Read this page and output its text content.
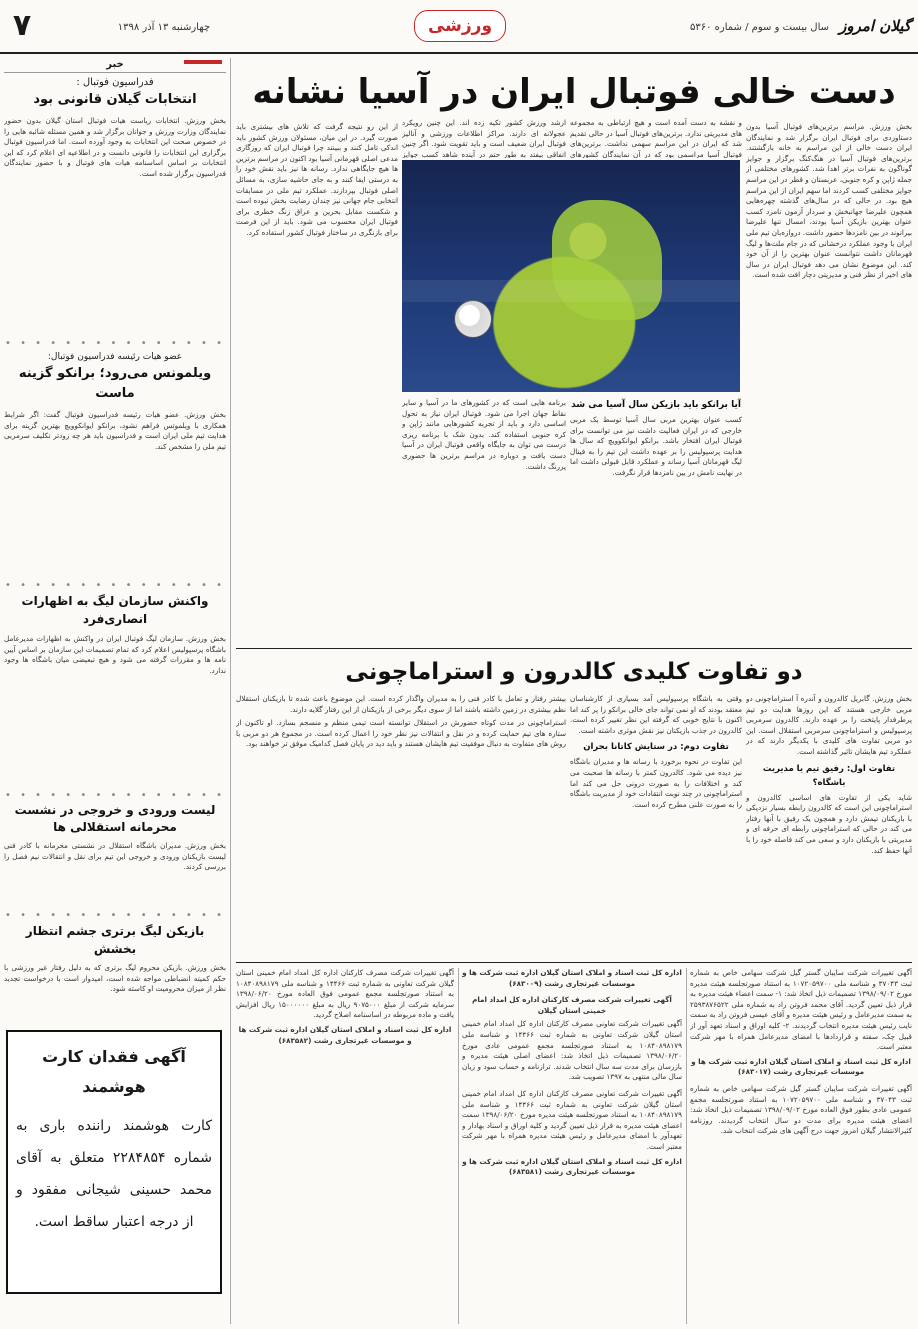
۷	چهارشنبه ۱۳ آذر ۱۳۹۸	ورزشی	سال بیست و سوم / شماره ۵۳۶۰ گیلان امروز
خبر
فدراسیون فوتبال :
انتخابات گیلان قانونی بود
بخش ورزش. انتخابات ریاست هیات فوتبال استان گیلان بدون حضور نمایندگان وزارت ورزش و جوانان برگزار شد و همین مسئله شائبه هایی را در خصوص صحت این انتخابات به وجود آورده است. اما فدراسیون فوتبال برگزاری این انتخابات را قانونی دانست و در اطلاعیه ای اعلام کرد که این انتخابات بر اساس اساسنامه هیات های فوتبال و با حضور نمایندگان فدراسیون برگزار شده است.
• • • • • • • • • • • • • • •
عضو هیات رئیسه فدراسیون فوتبال:
ویلمونس می‌رود؛ برانکو گزینه ماست
بخش ورزش. عضو هیات رئیسه فدراسیون فوتبال گفت: اگر شرایط همکاری با ویلموتس فراهم نشود، برانکو ایوانکوویچ بهترین گزینه برای هدایت تیم ملی ایران است و فدراسیون باید هر چه زودتر تکلیف سرمربی تیم ملی را مشخص کند.
• • • • • • • • • • • • • • •
واکنش سازمان لیگ به اظهارات انصاری‌فرد
بخش ورزش. سازمان لیگ فوتبال ایران در واکنش به اظهارات مدیرعامل باشگاه پرسپولیس اعلام کرد که تمام تصمیمات این سازمان بر اساس آیین نامه ها و مقررات گرفته می شود و هیچ تبعیضی میان باشگاه ها وجود ندارد.
• • • • • • • • • • • • • • •
لیست ورودی و خروجی در نشست محرمانه استقلالی ها
بخش ورزش. مدیران باشگاه استقلال در نشستی محرمانه با کادر فنی لیست بازیکنان ورودی و خروجی این تیم برای نقل و انتقالات نیم فصل را بررسی کردند.
• • • • • • • • • • • • • • •
بازیکن لیگ برتری جشم انتظار بخشش
بخش ورزش. بازیکن محروم لیگ برتری که به دلیل رفتار غیر ورزشی با حکم کمیته انضباطی مواجه شده است، امیدوار است با درخواست تجدید نظر از میزان محرومیت او کاسته شود.
آگهی فقدان کارت هوشمند
کارت هوشمند راننده باری به
شماره ۲۲۸۴۸۵۴ متعلق به آقای
محمد حسینی شیجانی مفقود و
از درجه اعتبار ساقط است.
دست خالی فوتبال ایران در آسیا نشانه
بخش ورزش. مراسم برترین‌های فوتبال آسیا بدون دستاوردی برای فوتبال ایران برگزار شد و نمایندگان ایران دست خالی از این مراسم به خانه بازگشتند. برترین‌های فوتبال آسیا در هنگ‌کنگ برگزار و جوایز گوناگون به نفرات برتر اهدا شد. کشورهای مختلفی از جمله ژاپن و کره جنوبی، عربستان و قطر در این مراسم جوایز مختلفی کسب کردند اما سهم ایران از این مراسم هیچ بود. در حالی که در سال‌های گذشته چهره‌هایی همچون علیرضا جهانبخش و سردار آزمون نامزد کسب عنوان بهترین بازیکن آسیا بودند، امسال تنها علیرضا بیرانوند در بین نامزدها حضور داشت. دروازه‌بان تیم ملی ایران با وجود عملکرد درخشانی که در جام ملت‌ها و لیگ قهرمانان داشت نتوانست عنوان بهترین را از آن خود کند. این موضوع نشان می دهد فوتبال ایران در سال های اخیر از نظر فنی و مدیریتی دچار افت شده است.
و نقشه به دست آمده است و هیچ ارتباطی به مجموعه های مدیریتی ندارد. برترین‌های فوتبال آسیا در حالی تقدیم شد که ایران در این مراسم سهمی نداشت. برترین‌های فوتبال آسیا مراسمی بود که در آن نمایندگان کشورهای
ارشد ورزش کشور تکیه زده اند. این چنین رویکرد عجولانه ای دارند. مراکز اطلاعات ورزشی و آنالیز فوتبال ایران ضعیف است و باید تقویت شود. اگر چنین اتفاقی بیفتد به طور حتم در آینده شاهد کسب جوایز
آیا برانکو باید بازیکن سال آسیا می شد
کسب عنوان بهترین مربی سال آسیا توسط یک مربی خارجی که در ایران فعالیت داشت نیز می توانست برای فوتبال ایران افتخار باشد. برانکو ایوانکوویچ که سال ها هدایت پرسپولیس را بر عهده داشت این تیم را به فینال لیگ قهرمانان آسیا رساند و عملکرد قابل قبولی داشت اما در نهایت نامش در بین نامزدها قرار نگرفت.
برنامه هایی است که در کشورهای ما در آسیا و سایر نقاط جهان اجرا می شود. فوتبال ایران نیاز به تحول اساسی دارد و باید از تجربه کشورهایی مانند ژاپن و کره جنوبی استفاده کند. بدون شک با برنامه ریزی درست می توان به جایگاه واقعی فوتبال ایران در آسیا دست یافت و دوباره در مراسم برترین ها حضوری پررنگ داشت.
از این رو نتیجه گرفت که تلاش های بیشتری باید صورت گیرد. در این میان، مسئولان ورزش کشور باید اندکی تامل کنند و ببینند چرا فوتبال ایران که روزگاری مدعی اصلی قهرمانی آسیا بود اکنون در مراسم برترین ها هیچ جایگاهی ندارد. رسانه ها نیز باید نقش خود را به درستی ایفا کنند و به جای حاشیه سازی، به مسائل اصلی فوتبال بپردازند. عملکرد تیم ملی در مسابقات انتخابی جام جهانی نیز چندان رضایت بخش نبوده است و شکست مقابل بحرین و عراق زنگ خطری برای فوتبال ایران محسوب می شود. باید از این فرصت برای بازنگری در ساختار فوتبال کشور استفاده کرد.
دو تفاوت کلیدی کالدرون و استراماچونی
بخش ورزش. گابریل کالدرون و آندره آ استراماچونی دو مربی خارجی هستند که این روزها هدایت دو تیم پرطرفدار پایتخت را بر عهده دارند. کالدرون سرمربی پرسپولیس و استراماچونی سرمربی استقلال است. این دو مربی تفاوت های کلیدی با یکدیگر دارند که در عملکرد تیم هایشان تاثیر گذاشته است.
تفاوت اول: رفیق تیم یا مدیریت باشگاه؟
شاید یکی از تفاوت های اساسی کالدرون و استراماچونی این است که کالدرون رابطه بسیار نزدیکی با بازیکنان تیمش دارد و همچون یک رفیق با آنها رفتار می کند در حالی که استراماچونی رابطه ای حرفه ای و مدیریتی با بازیکنان دارد و سعی می کند فاصله خود را با آنها حفظ کند.
وقتی به باشگاه پرسپولیس آمد بسیاری از کارشناسان معتقد بودند که او نمی تواند جای خالی برانکو را پر کند اما اکنون با نتایج خوبی که گرفته این نظر تغییر کرده است. کالدرون در جذب بازیکنان نیز نقش موثری داشته است.
تفاوت دوم: در ستایش کاتانا بحران
این تفاوت در نحوه برخورد با رسانه ها و مدیران باشگاه نیز دیده می شود. کالدرون کمتر با رسانه ها صحبت می کند و اختلافات را به صورت درونی حل می کند اما استراماچونی در چند نوبت انتقادات خود از مدیریت باشگاه را به صورت علنی مطرح کرده است.
بیشتر رفتار و تعامل با کادر فنی را به مدیران واگذار کرده است. این موضوع باعث شده تا بازیکنان استقلال نظم بیشتری در زمین داشته باشند اما از سوی دیگر برخی از بازیکنان از این رفتار گلایه دارند.
استراماچونی در مدت کوتاه حضورش در استقلال توانسته است تیمی منظم و منسجم بسازد. او تاکنون از ستاره های تیم حمایت کرده و در نقل و انتقالات نیز نظر خود را اعمال کرده است. در مجموع هر دو مربی با روش های متفاوت به دنبال موفقیت تیم هایشان هستند و باید دید در پایان فصل کدامیک موفق تر خواهند بود.
آگهی تغییرات شرکت سایبان گستر گیل شرکت سهامی خاص به شماره ثبت ۳۷۰۴۳ و شناسه ملی ۱۰۷۲۰۵۹۷۰۰ به استناد صورتجلسه هیئت مدیره مورخ ۱۳۹۸/۰۹/۰۲ تصمیمات ذیل اتخاذ شد: ۱- سمت اعضاء هیئت مدیره به قرار ذیل تعیین گردید. آقای محمد فروتن راد به شماره ملی ۲۵۹۳۸۷۶۵۲۲ به سمت مدیرعامل و رئیس هیئت مدیره و آقای عیسی فروتن راد به سمت نایب رئیس هیئت مدیره انتخاب گردیدند. ۲- کلیه اوراق و اسناد تعهد آور از قبیل چک، سفته و قراردادها با امضای مدیرعامل همراه با مهر شرکت معتبر است.
اداره کل ثبت اسناد و املاک استان گیلان اداره ثبت شرکت ها و موسسات غیرتجاری رشت (۶۸۳۰۱۷)
آگهی تغییرات شرکت سایبان گستر گیل شرکت سهامی خاص به شماره ثبت ۳۷۰۴۳ و شناسه ملی ۱۰۷۲۰۵۹۷۰۰ به استناد صورتجلسه مجمع عمومی عادی بطور فوق العاده مورخ ۱۳۹۸/۰۹/۰۲ تصمیمات ذیل اتخاذ شد: اعضای هیئت مدیره برای مدت دو سال انتخاب گردیدند. روزنامه کثیرالانتشار گیلان امروز جهت درج آگهی های شرکت انتخاب شد.
اداره کل ثبت اسناد و املاک استان گیلان اداره ثبت شرکت ها و موسسات غیرتجاری رشت (۶۸۳۰۰۹)
آگهی تغییرات شرکت مصرف کارکنان اداره کل امداد امام خمینی استان گیلان
آگهی تغییرات شرکت تعاونی مصرف کارکنان اداره کل امداد امام خمینی استان گیلان شرکت تعاونی به شماره ثبت ۱۴۴۶۶ و شناسه ملی ۱۰۸۴۰۸۹۸۱۷۹ به استناد صورتجلسه مجمع عمومی عادی مورخ ۱۳۹۸/۰۶/۲۰ تصمیمات ذیل اتخاذ شد: اعضای اصلی هیئت مدیره و بازرسان برای مدت سه سال انتخاب شدند. ترازنامه و حساب سود و زیان سال مالی منتهی به ۱۳۹۷ تصویب شد.
آگهی تغییرات شرکت تعاونی مصرف کارکنان اداره کل امداد امام خمینی استان گیلان شرکت تعاونی به شماره ثبت ۱۴۴۶۶ و شناسه ملی ۱۰۸۴۰۸۹۸۱۷۹ به استناد صورتجلسه هیئت مدیره مورخ ۱۳۹۸/۰۶/۲۰ سمت اعضای هیئت مدیره به قرار ذیل تعیین گردید و کلیه اوراق و اسناد بهادار و تعهدآور با امضای مدیرعامل و رئیس هیئت مدیره همراه با مهر شرکت معتبر است.
اداره کل ثبت اسناد و املاک استان گیلان اداره ثبت شرکت ها و موسسات غیرتجاری رشت (۶۸۳۵۸۱)
آگهی تغییرات شرکت مصرف کارکنان اداره کل امداد امام خمینی استان گیلان شرکت تعاونی به شماره ثبت ۱۴۴۶۶ و شناسه ملی ۱۰۸۴۰۸۹۸۱۷۹ به استناد صورتجلسه مجمع عمومی فوق العاده مورخ ۱۳۹۸/۰۶/۲۰ سرمایه شرکت از مبلغ ۹۰۷۵۰۰۰ ریال به مبلغ ۱۵۰۰۰۰۰۰ ریال افزایش یافت و ماده مربوطه در اساسنامه اصلاح گردید.
اداره کل ثبت اسناد و املاک استان گیلان اداره ثبت شرکت ها و موسسات غیرتجاری رشت (۶۸۳۵۸۲)
